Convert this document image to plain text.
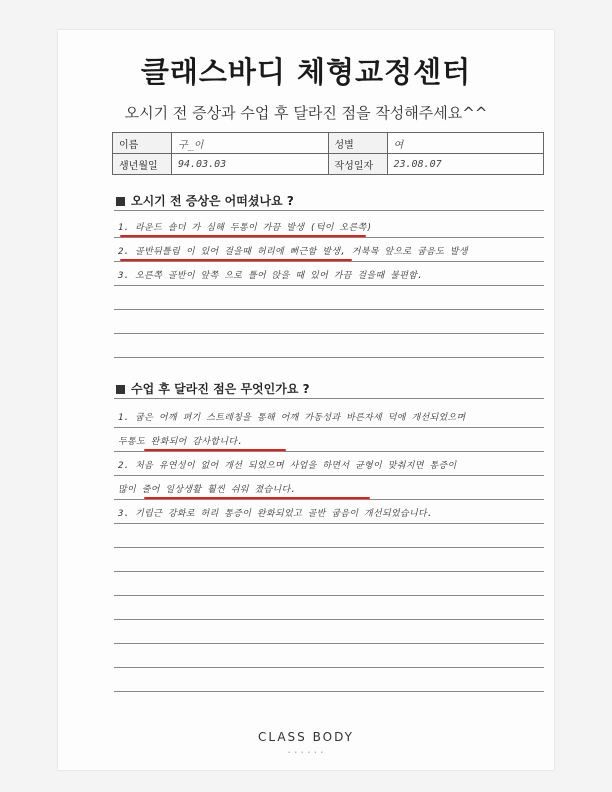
클래스바디 체형교정센터
오시기 전 증상과 수업 후 달라진 점을 작성해주세요^^
이름	구_이	성별	여
생년월일	94.03.03	작성일자	23.08.07
오시기 전 증상은 어떠셨나요 ?
1. 라운드 숄더 가 심해 두통이 가끔 발생 (턱이 오른쪽)
2. 골반뒤틀림 이 있어 걸을때 허리에 뻐근함 발생, 거북목 앞으로 굽음도 발생
3. 오른쪽 골반이 앞쪽 으로 틀어 앉을 때 있어 가끔 걸을때 불편함.
수업 후 달라진 점은 무엇인가요 ?
1. 굽은 어깨 펴기 스트레칭을 통해 어깨 가동성과 바른자세 덕에 개선되었으며
두통도 완화되어 감사합니다.
2. 처음 유연성이 없어 개선 되었으며 사업을 하면서 균형이 맞춰지면 통증이
많이 줄어 일상생활 훨씬 쉬워 졌습니다.
3. 기립근 강화로 허리 통증이 완화되었고 골반 굽음이 개선되었습니다.
CLASS BODY
• • • • • •
